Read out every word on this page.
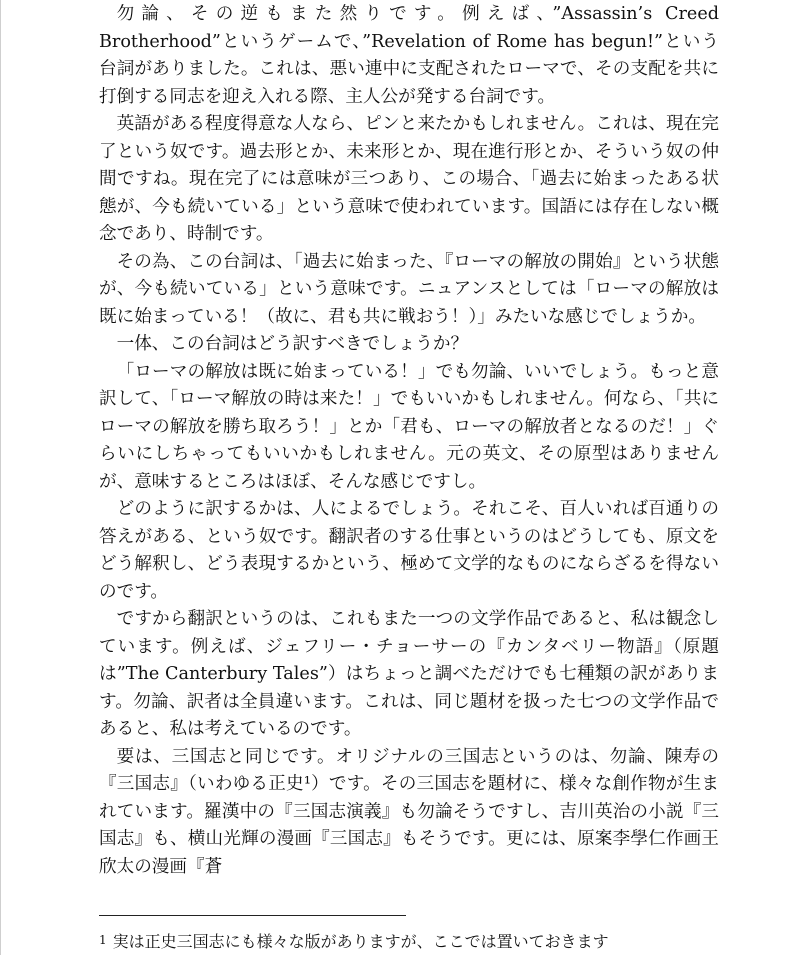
勿論、その逆もまた然りです。例えば、”Assassin’s Creed Brotherhood”というゲームで、”Revelation of Rome has begun!”という台詞がありました。これは、悪い連中に支配されたローマで、その支配を共に打倒する同志を迎え入れる際、主人公が発する台詞です。

英語がある程度得意な人なら、ピンと来たかもしれません。これは、現在完了という奴です。過去形とか、未来形とか、現在進行形とか、そういう奴の仲間ですね。現在完了には意味が三つあり、この場合、「過去に始まったある状態が、今も続いている」という意味で使われています。国語には存在しない概念であり、時制です。

その為、この台詞は、「過去に始まった、『ローマの解放の開始』という状態が、今も続いている」という意味です。ニュアンスとしては「ローマの解放は既に始まっている！（故に、君も共に戦おう！）」みたいな感じでしょうか。

一体、この台詞はどう訳すべきでしょうか？

「ローマの解放は既に始まっている！」でも勿論、いいでしょう。もっと意訳して、「ローマ解放の時は来た！」でもいいかもしれません。何なら、「共にローマの解放を勝ち取ろう！」とか「君も、ローマの解放者となるのだ！」ぐらいにしちゃってもいいかもしれません。元の英文、その原型はありませんが、意味するところはほぼ、そんな感じですし。

どのように訳するかは、人によるでしょう。それこそ、百人いれば百通りの答えがある、という奴です。翻訳者のする仕事というのはどうしても、原文をどう解釈し、どう表現するかという、極めて文学的なものにならざるを得ないのです。

ですから翻訳というのは、これもまた一つの文学作品であると、私は観念しています。例えば、ジェフリー・チョーサーの『カンタベリー物語』（原題は”The Canterbury Tales”）はちょっと調べただけでも七種類の訳があります。勿論、訳者は全員違います。これは、同じ題材を扱った七つの文学作品であると、私は考えているのです。

要は、三国志と同じです。オリジナルの三国志というのは、勿論、陳寿の『三国志』（いわゆる正史¹）です。その三国志を題材に、様々な創作物が生まれています。羅漢中の『三国志演義』も勿論そうですし、吉川英治の小説『三国志』も、横山光輝の漫画『三国志』もそうです。更には、原案李學仁作画王欣太の漫画『蒼

1 実は正史三国志にも様々な版がありますが、ここでは置いておきます
